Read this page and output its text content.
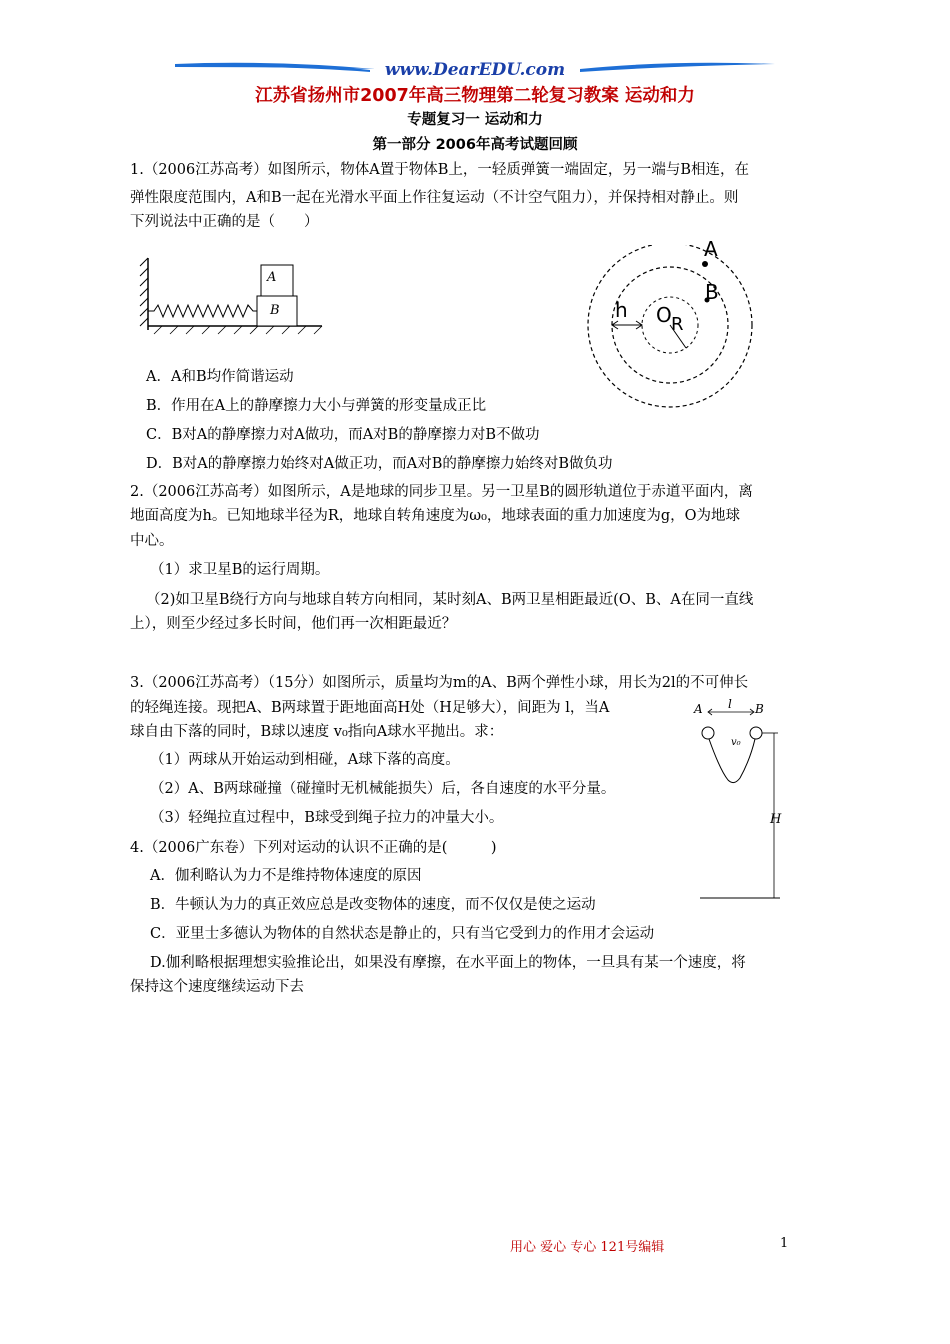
www.DearEDU.com
江苏省扬州市2007年高三物理第二轮复习教案 运动和力
专题复习一 运动和力
第一部分 2006年高考试题回顾
1.（2006江苏高考）如图所示，物体A置于物体B上，一轻质弹簧一端固定，另一端与B相连，在
弹性限度范围内，A和B一起在光滑水平面上作往复运动（不计空气阻力），并保持相对静止。则
下列说法中正确的是（　　）
A
B
A
B
h O R
A．A和B均作简谐运动
B．作用在A上的静摩擦力大小与弹簧的形变量成正比
C．B对A的静摩擦力对A做功，而A对B的静摩擦力对B不做功
D．B对A的静摩擦力始终对A做正功，而A对B的静摩擦力始终对B做负功
2.（2006江苏高考）如图所示，A是地球的同步卫星。另一卫星B的圆形轨道位于赤道平面内，离
地面高度为h。已知地球半径为R，地球自转角速度为ω₀，地球表面的重力加速度为g，O为地球
中心。
（1）求卫星B的运行周期。
（2)如卫星B绕行方向与地球自转方向相同，某时刻A、B两卫星相距最近(O、B、A在同一直线
上），则至少经过多长时间，他们再一次相距最近？
3.（2006江苏高考）（15分）如图所示，质量均为m的A、B两个弹性小球，用长为2l的不可伸长
的轻绳连接。现把A、B两球置于距地面高H处（H足够大），间距为 l，当A
球自由下落的同时，B球以速度 v₀指向A球水平抛出。求：
（1）两球从开始运动到相碰，A球下落的高度。
（2）A、B两球碰撞（碰撞时无机械能损失）后，各自速度的水平分量。
（3）轻绳拉直过程中，B球受到绳子拉力的冲量大小。
A	B
l
v₀
H
4.（2006广东卷）下列对运动的认识不正确的是(　　　)
A．伽利略认为力不是维持物体速度的原因
B．牛顿认为力的真正效应总是改变物体的速度，而不仅仅是使之运动
C．亚里士多德认为物体的自然状态是静止的，只有当它受到力的作用才会运动
D.伽利略根据理想实验推论出，如果没有摩擦，在水平面上的物体，一旦具有某一个速度，将
保持这个速度继续运动下去
用心 爱心 专心 121号编辑	1
